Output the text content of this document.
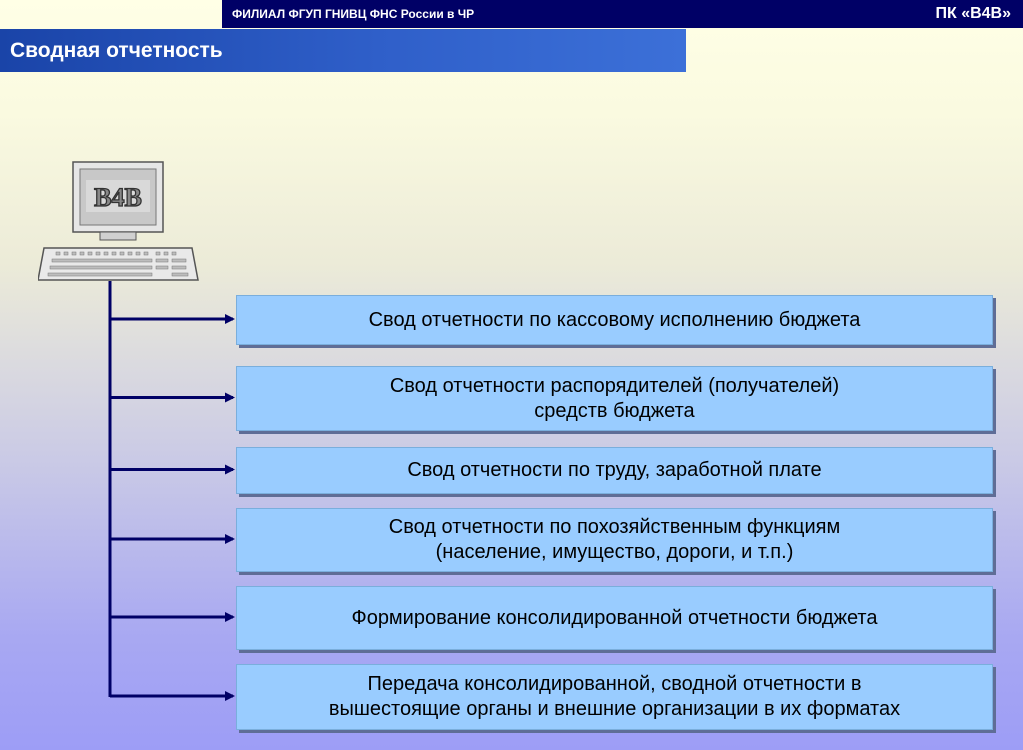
ФИЛИАЛ ФГУП ГНИВЦ ФНС России в ЧР	ПК «В4В»
Сводная отчетность
B4B
Свод отчетности по кассовому исполнению бюджета
Свод отчетности распорядителей (получателей)
средств бюджета
Свод отчетности по труду, заработной плате
Свод отчетности по похозяйственным функциям
(население, имущество, дороги, и т.п.)
Формирование консолидированной отчетности бюджета
Передача консолидированной, сводной отчетности в
вышестоящие органы и внешние организации в их форматах
